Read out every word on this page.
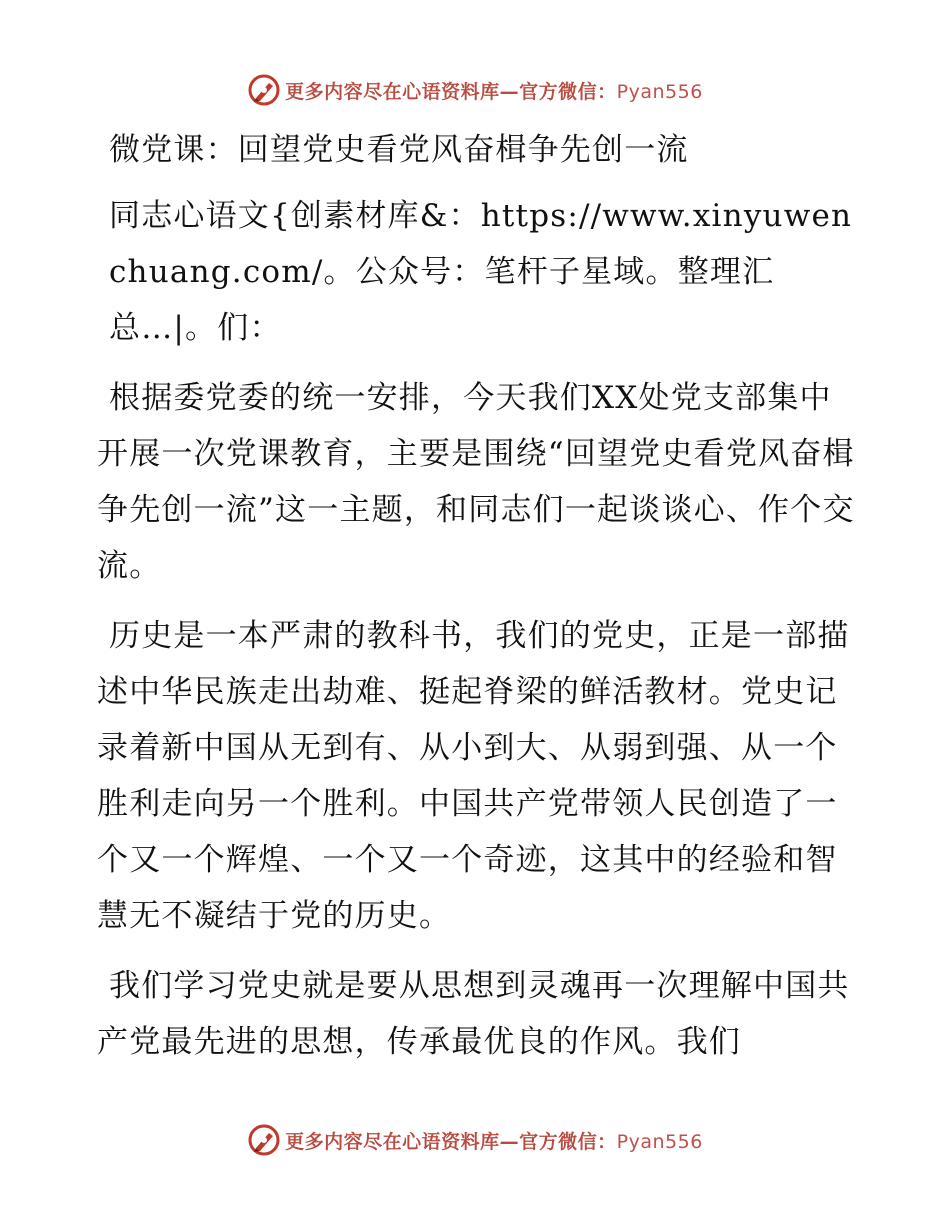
更多内容尽在心语资料库—官方微信：Pyan556

微党课：回望党史看党风奋楫争先创一流

同志心语文{创素材库&：https://www.xinyuwenchuang.com/。公众号：笔杆子星域。整理汇总…|。们：

根据委党委的统一安排，今天我们XX处党支部集中开展一次党课教育，主要是围绕“回望党史看党风奋楫争先创一流”这一主题，和同志们一起谈谈心、作个交流。

历史是一本严肃的教科书，我们的党史，正是一部描述中华民族走出劫难、挺起脊梁的鲜活教材。党史记录着新中国从无到有、从小到大、从弱到强、从一个胜利走向另一个胜利。中国共产党带领人民创造了一个又一个辉煌、一个又一个奇迹，这其中的经验和智慧无不凝结于党的历史。

我们学习党史就是要从思想到灵魂再一次理解中国共产党最先进的思想，传承最优良的作风。我们

更多内容尽在心语资料库—官方微信：Pyan556
